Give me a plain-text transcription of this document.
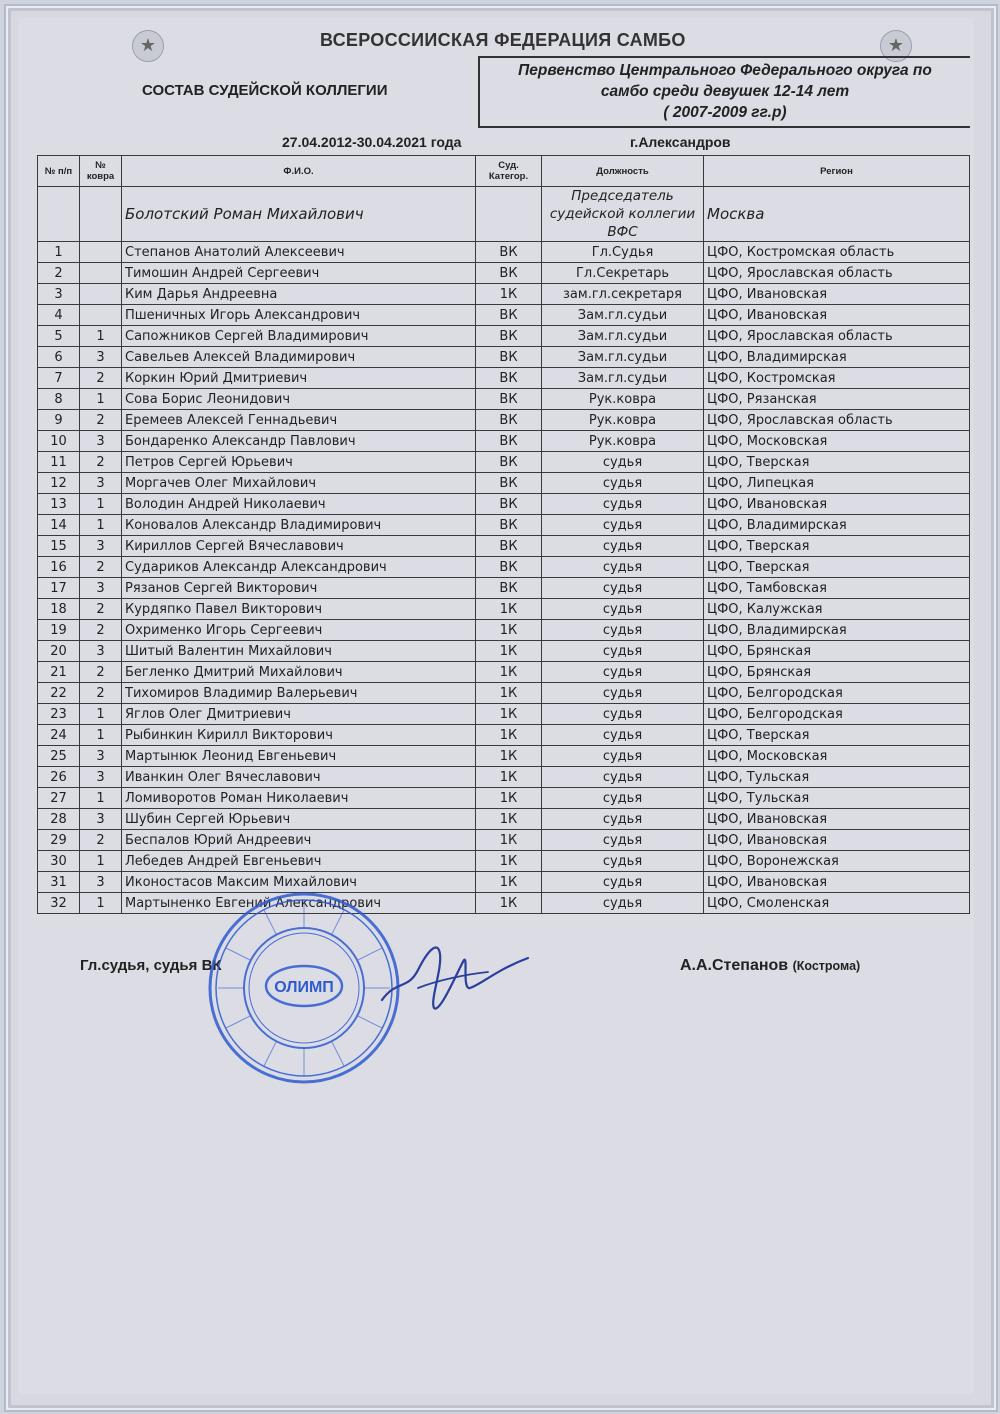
★	★
ВСЕРОССИИСКАЯ ФЕДЕРАЦИЯ САМБО
СОСТАВ СУДЕЙСКОЙ КОЛЛЕГИИ
Первенство Центрального Федерального округа по
самбо среди девушек 12-14 лет
( 2007-2009 гг.р)
27.04.2012-30.04.2021 года	г.Александров
№ п/п	№ ковра	Ф.И.О.	Суд. Категор.	Должность	Регион
		Болотский Роман Михайлович		Председатель судейской коллегии ВФС	Москва
1		Степанов Анатолий Алексеевич	ВК	Гл.Судья	ЦФО, Костромская область
2		Тимошин Андрей Сергеевич	ВК	Гл.Секретарь	ЦФО, Ярославская область
3		Ким Дарья Андреевна	1К	зам.гл.секретаря	ЦФО, Ивановская
4		Пшеничных Игорь Александрович	ВК	Зам.гл.судьи	ЦФО, Ивановская
5	1	Сапожников Сергей Владимирович	ВК	Зам.гл.судьи	ЦФО, Ярославская область
6	3	Савельев Алексей Владимирович	ВК	Зам.гл.судьи	ЦФО, Владимирская
7	2	Коркин Юрий Дмитриевич	ВК	Зам.гл.судьи	ЦФО, Костромская
8	1	Сова Борис Леонидович	ВК	Рук.ковра	ЦФО, Рязанская
9	2	Еремеев Алексей Геннадьевич	ВК	Рук.ковра	ЦФО, Ярославская область
10	3	Бондаренко Александр Павлович	ВК	Рук.ковра	ЦФО, Московская
11	2	Петров Сергей Юрьевич	ВК	судья	ЦФО, Тверская
12	3	Моргачев Олег Михайлович	ВК	судья	ЦФО, Липецкая
13	1	Володин Андрей Николаевич	ВК	судья	ЦФО, Ивановская
14	1	Коновалов Александр Владимирович	ВК	судья	ЦФО, Владимирская
15	3	Кириллов Сергей Вячеславович	ВК	судья	ЦФО, Тверская
16	2	Судариков Александр Александрович	ВК	судья	ЦФО, Тверская
17	3	Рязанов Сергей Викторович	ВК	судья	ЦФО, Тамбовская
18	2	Курдяпко Павел Викторович	1К	судья	ЦФО, Калужская
19	2	Охрименко Игорь Сергеевич	1К	судья	ЦФО, Владимирская
20	3	Шитый Валентин Михайлович	1К	судья	ЦФО, Брянская
21	2	Бегленко Дмитрий Михайлович	1К	судья	ЦФО, Брянская
22	2	Тихомиров Владимир Валерьевич	1К	судья	ЦФО, Белгородская
23	1	Яглов Олег Дмитриевич	1К	судья	ЦФО, Белгородская
24	1	Рыбинкин Кирилл Викторович	1К	судья	ЦФО, Тверская
25	3	Мартынюк Леонид Евгеньевич	1К	судья	ЦФО, Московская
26	3	Иванкин Олег Вячеславович	1К	судья	ЦФО, Тульская
27	1	Ломиворотов Роман Николаевич	1К	судья	ЦФО, Тульская
28	3	Шубин Сергей Юрьевич	1К	судья	ЦФО, Ивановская
29	2	Беспалов Юрий Андреевич	1К	судья	ЦФО, Ивановская
30	1	Лебедев Андрей Евгеньевич	1К	судья	ЦФО, Воронежская
31	3	Иконостасов Максим Михайлович	1К	судья	ЦФО, Ивановская
32	1	Мартыненко Евгений Александрович	1К	судья	ЦФО, Смоленская
Гл.судья, судья ВК	А.А.Степанов (Кострома)
ОЛИМП
